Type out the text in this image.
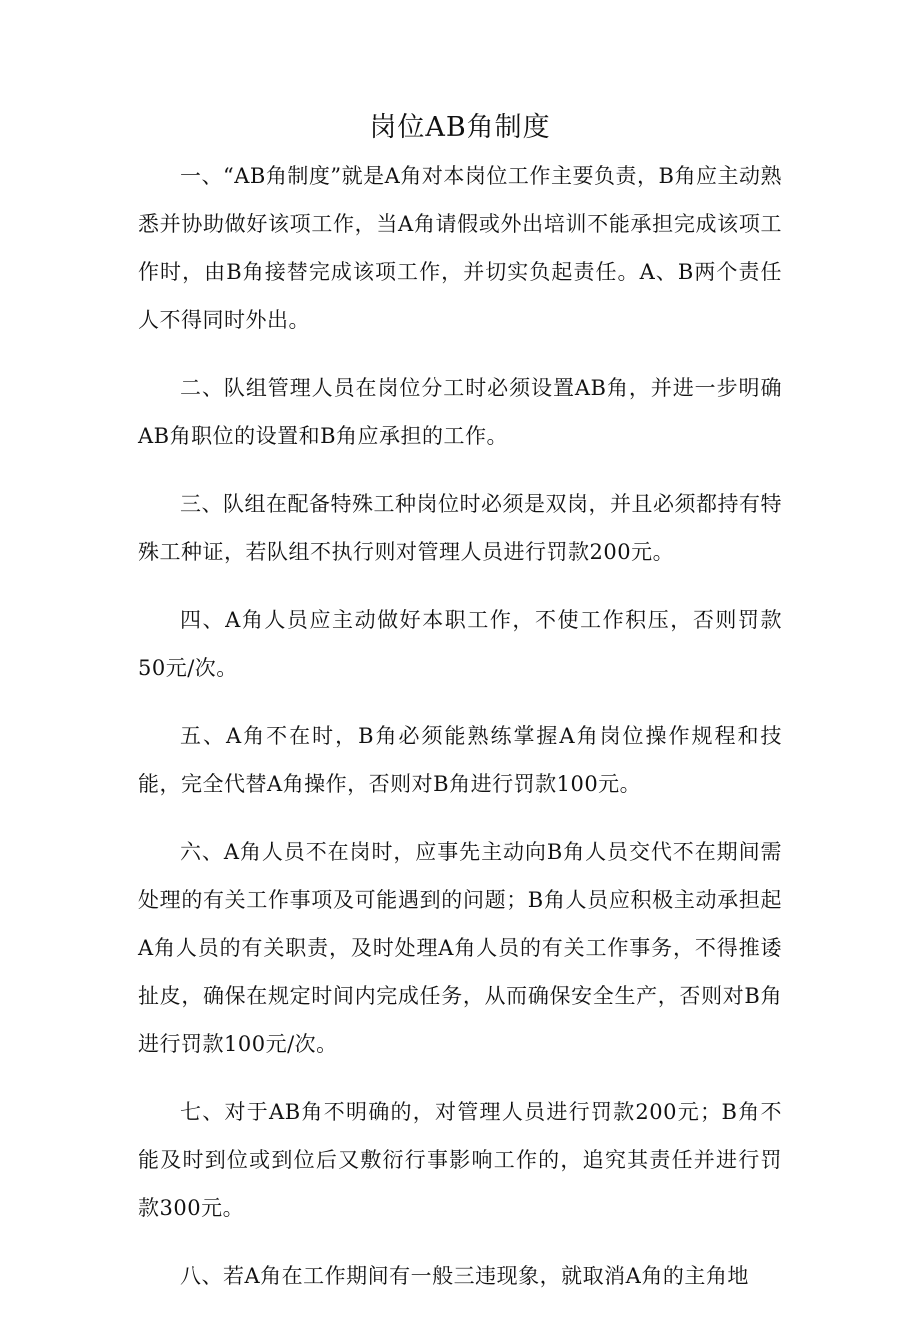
岗位AB角制度

一、“AB角制度”就是A角对本岗位工作主要负责，B角应主动熟悉并协助做好该项工作，当A角请假或外出培训不能承担完成该项工作时，由B角接替完成该项工作，并切实负起责任。A、B两个责任人不得同时外出。

二、队组管理人员在岗位分工时必须设置AB角，并进一步明确AB角职位的设置和B角应承担的工作。

三、队组在配备特殊工种岗位时必须是双岗，并且必须都持有特殊工种证，若队组不执行则对管理人员进行罚款200元。

四、A角人员应主动做好本职工作，不使工作积压，否则罚款50元/次。

五、A角不在时，B角必须能熟练掌握A角岗位操作规程和技能，完全代替A角操作，否则对B角进行罚款100元。

六、A角人员不在岗时，应事先主动向B角人员交代不在期间需处理的有关工作事项及可能遇到的问题；B角人员应积极主动承担起A角人员的有关职责，及时处理A角人员的有关工作事务，不得推诿扯皮，确保在规定时间内完成任务，从而确保安全生产，否则对B角进行罚款100元/次。

七、对于AB角不明确的，对管理人员进行罚款200元；B角不能及时到位或到位后又敷衍行事影响工作的，追究其责任并进行罚款300元。

八、若A角在工作期间有一般三违现象，就取消A角的主角地
